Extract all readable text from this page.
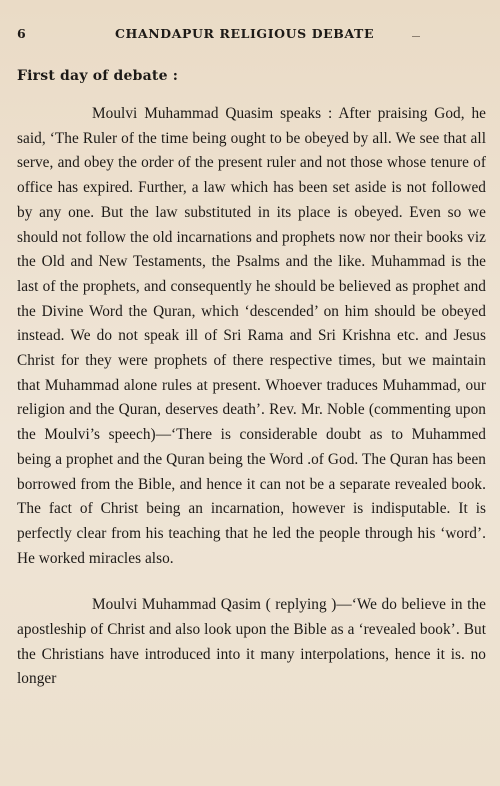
6	CHANDAPUR RELIGIOUS DEBATE
First day of debate :

Moulvi Muhammad Quasim speaks : After praising God, he said, ‘The Ruler of the time being ought to be obeyed by all. We see that all serve, and obey the order of the present ruler and not those whose tenure of office has expired. Further, a law which has been set aside is not followed by any one. But the law substituted in its place is obeyed. Even so we should not follow the old incarnations and prophets now nor their books viz the Old and New Testaments, the Psalms and the like. Muhammad is the last of the prophets, and consequently he should be believed as prophet and the Divine Word the Quran, which ‘descended’ on him should be obeyed instead. We do not speak ill of Sri Rama and Sri Krishna etc. and Jesus Christ for they were prophets of there respective times, but we maintain that Muhammad alone rules at present. Whoever traduces Muhammad, our religion and the Quran, deserves death’. Rev. Mr. Noble (commenting upon the Moulvi’s speech)—‘There is considerable doubt as to Muhammed being a prophet and the Quran being the Word .of God. The Quran has been borrowed from the Bible, and hence it can not be a separate revealed book. The fact of Christ being an incarnation, however is indisputable. It is perfectly clear from his teaching that he led the people through his ‘word’. He worked miracles also.

Moulvi Muhammad Qasim ( replying )—‘We do believe in the apostleship of Christ and also look upon the Bible as a ‘revealed book’. But the Christians have introduced into it many interpolations, hence it is. no longer
